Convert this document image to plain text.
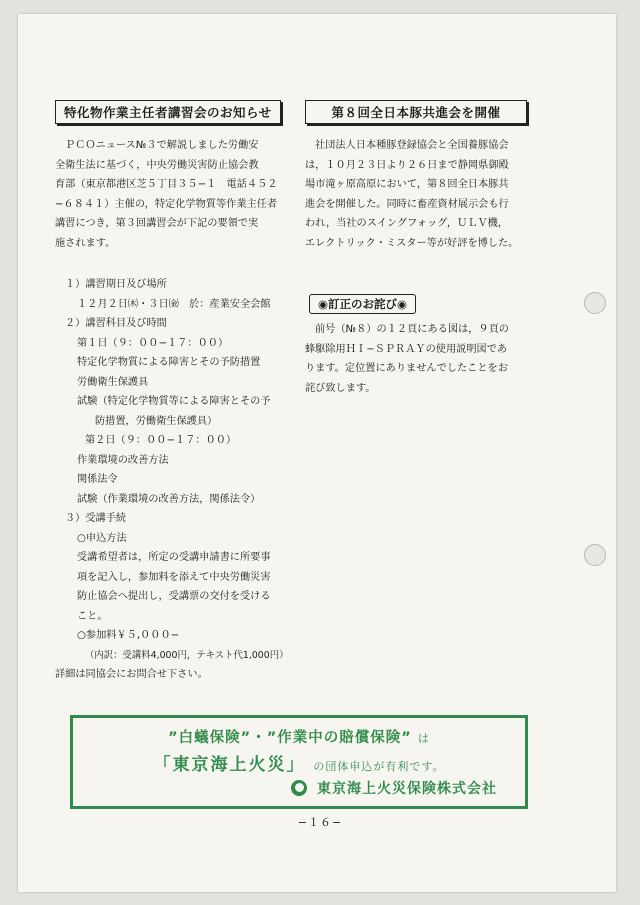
特化物作業主任者講習会のお知らせ
ＰＣＯニュース№３で解説しました労働安
全衛生法に基づく，中央労働災害防止協会教
育部（東京都港区芝５丁目３５−１　電話４５２
−６８４１）主催の，特定化学物質等作業主任者
講習につき，第３回講習会が下記の要領で実
施されます。
１）講習期日及び場所
１２月２日㈭・３日㈮　於：産業安全会館
２）講習科目及び時間
第１日（９：００−１７：００）
特定化学物質による障害とその予防措置
労働衛生保護具
試験（特定化学物質等による障害とその予
防措置，労働衛生保護具）
第２日（９：００−１７：００）
作業環境の改善方法
関係法令
試験（作業環境の改善方法，関係法令）
３）受講手続
○申込方法
受講希望者は，所定の受講申請書に所要事
項を記入し，参加料を添えて中央労働災害
防止協会へ提出し，受講票の交付を受ける
こと。
○参加料￥５,０００−
（内訳：受講料4,000円，テキスト代1,000円）
詳細は同協会にお問合せ下さい。
第８回全日本豚共進会を開催
社団法人日本種豚登録協会と全国養豚協会
は，１０月２３日より２６日まで静岡県御殿
場市滝ヶ原高原において，第８回全日本豚共
進会を開催した。同時に畜産資材展示会も行
われ，当社のスイングフォッグ，ＵＬＶ機，
エレクトリック・ミスター等が好評を博した。
◉訂正のお詫び◉
前号（№８）の１２頁にある図は，９頁の
蜂駆除用ＨＩ−ＳＰＲＡＹの使用説明図であ
ります。定位置にありませんでしたことをお
詫び致します。
”白蟻保険”・”作業中の賠償保険” は
「東京海上火災」 の団体申込が有利です。
東京海上火災保険株式会社
−１６−
